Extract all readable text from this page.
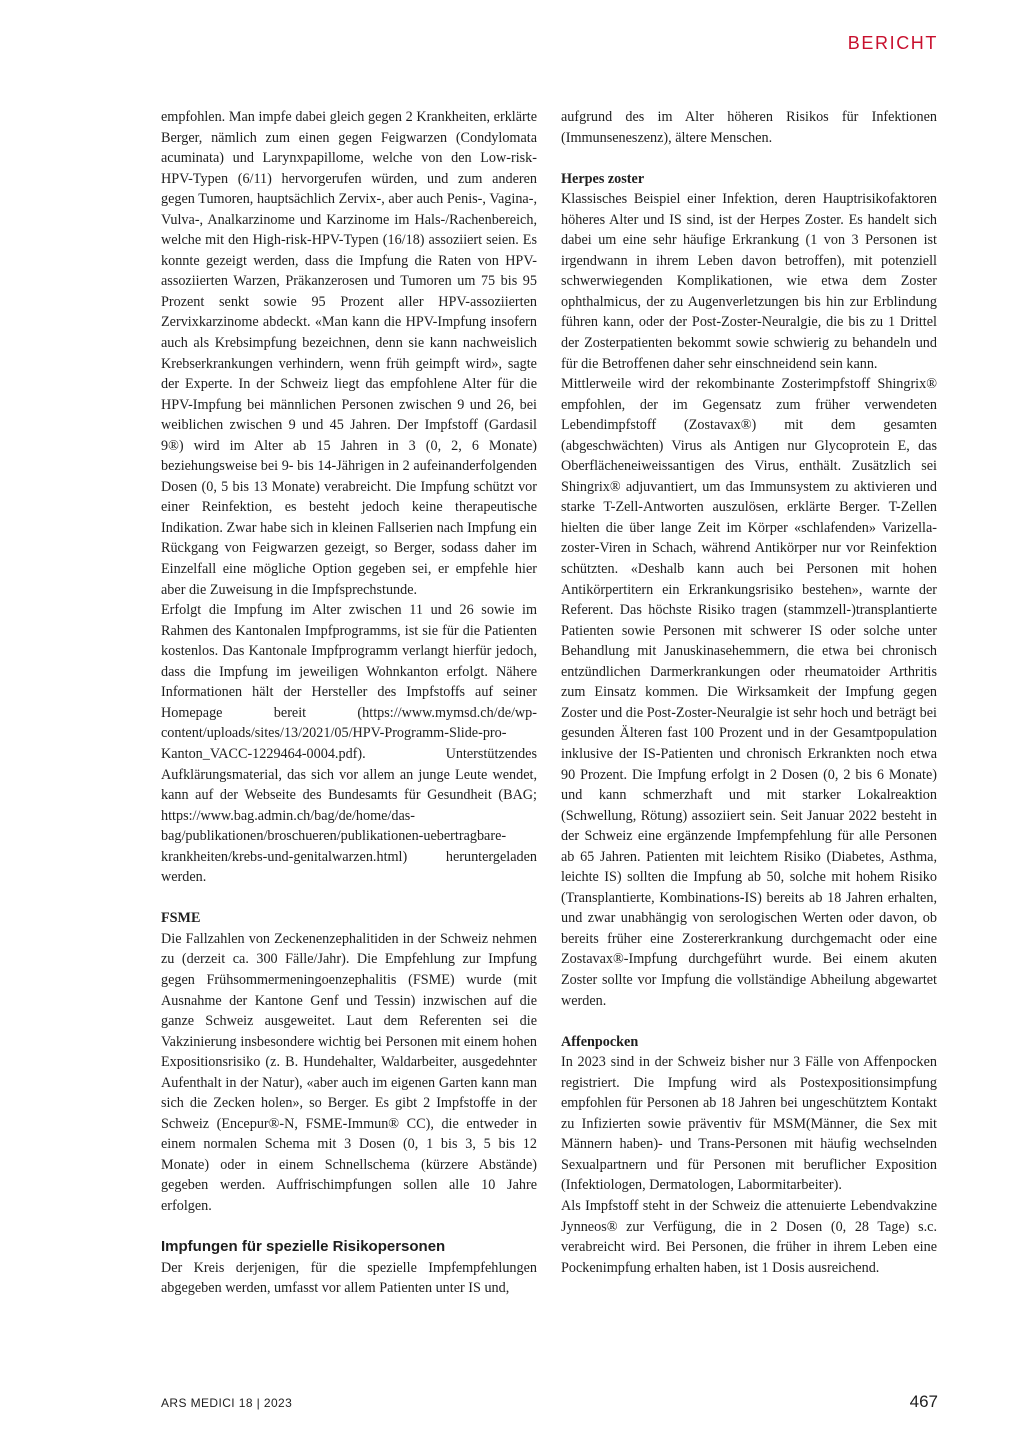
BERICHT

empfohlen. Man impfe dabei gleich gegen 2 Krankheiten, erklärte Berger, nämlich zum einen gegen Feigwarzen (Condylomata acuminata) und Larynxpapillome, welche von den Low-risk-HPV-Typen (6/11) hervorgerufen würden, und zum anderen gegen Tumoren, hauptsächlich Zervix-, aber auch Penis-, Vagina-, Vulva-, Analkarzinome und Karzinome im Hals-/Rachenbereich, welche mit den High-risk-HPV-Typen (16/18) assoziiert seien. Es konnte gezeigt werden, dass die Impfung die Raten von HPV-assoziierten Warzen, Präkanzerosen und Tumoren um 75 bis 95 Prozent senkt sowie 95 Prozent aller HPV-assoziierten Zervixkarzinome abdeckt. «Man kann die HPV-Impfung insofern auch als Krebsimpfung bezeichnen, denn sie kann nachweislich Krebserkrankungen verhindern, wenn früh geimpft wird», sagte der Experte. In der Schweiz liegt das empfohlene Alter für die HPV-Impfung bei männlichen Personen zwischen 9 und 26, bei weiblichen zwischen 9 und 45 Jahren. Der Impfstoff (Gardasil 9®) wird im Alter ab 15 Jahren in 3 (0, 2, 6 Monate) beziehungsweise bei 9- bis 14-Jährigen in 2 aufeinanderfolgenden Dosen (0, 5 bis 13 Monate) verabreicht. Die Impfung schützt vor einer Reinfektion, es besteht jedoch keine therapeutische Indikation. Zwar habe sich in kleinen Fallserien nach Impfung ein Rückgang von Feigwarzen gezeigt, so Berger, sodass daher im Einzelfall eine mögliche Option gegeben sei, er empfehle hier aber die Zuweisung in die Impfsprechstunde.

Erfolgt die Impfung im Alter zwischen 11 und 26 sowie im Rahmen des Kantonalen Impfprogramms, ist sie für die Patienten kostenlos. Das Kantonale Impfprogramm verlangt hierfür jedoch, dass die Impfung im jeweiligen Wohnkanton erfolgt. Nähere Informationen hält der Hersteller des Impfstoffs auf seiner Homepage bereit (https://www.mymsd.ch/de/wp-content/uploads/sites/13/2021/05/HPV-Programm-Slide-pro-Kanton_VACC-1229464-0004.pdf). Unterstützendes Aufklärungsmaterial, das sich vor allem an junge Leute wendet, kann auf der Webseite des Bundesamts für Gesundheit (BAG; https://www.bag.admin.ch/bag/de/home/das-bag/publikationen/broschueren/publikationen-uebertragbare-krankheiten/krebs-und-genitalwarzen.html) heruntergeladen werden.

FSME

Die Fallzahlen von Zeckenenzephalitiden in der Schweiz nehmen zu (derzeit ca. 300 Fälle/Jahr). Die Empfehlung zur Impfung gegen Frühsommermeningoenzephalitis (FSME) wurde (mit Ausnahme der Kantone Genf und Tessin) inzwischen auf die ganze Schweiz ausgeweitet. Laut dem Referenten sei die Vakzinierung insbesondere wichtig bei Personen mit einem hohen Expositionsrisiko (z. B. Hundehalter, Waldarbeiter, ausgedehnter Aufenthalt in der Natur), «aber auch im eigenen Garten kann man sich die Zecken holen», so Berger. Es gibt 2 Impfstoffe in der Schweiz (Encepur®-N, FSME-Immun® CC), die entweder in einem normalen Schema mit 3 Dosen (0, 1 bis 3, 5 bis 12 Monate) oder in einem Schnellschema (kürzere Abstände) gegeben werden. Auffrischimpfungen sollen alle 10 Jahre erfolgen.

Impfungen für spezielle Risikopersonen

Der Kreis derjenigen, für die spezielle Impfempfehlungen abgegeben werden, umfasst vor allem Patienten unter IS und,

aufgrund des im Alter höheren Risikos für Infektionen (Immunseneszenz), ältere Menschen.

Herpes zoster

Klassisches Beispiel einer Infektion, deren Hauptrisikofaktoren höheres Alter und IS sind, ist der Herpes Zoster. Es handelt sich dabei um eine sehr häufige Erkrankung (1 von 3 Personen ist irgendwann in ihrem Leben davon betroffen), mit potenziell schwerwiegenden Komplikationen, wie etwa dem Zoster ophthalmicus, der zu Augenverletzungen bis hin zur Erblindung führen kann, oder der Post-Zoster-Neuralgie, die bis zu 1 Drittel der Zosterpatienten bekommt sowie schwierig zu behandeln und für die Betroffenen daher sehr einschneidend sein kann.

Mittlerweile wird der rekombinante Zosterimpfstoff Shingrix® empfohlen, der im Gegensatz zum früher verwendeten Lebendimpfstoff (Zostavax®) mit dem gesamten (abgeschwächten) Virus als Antigen nur Glycoprotein E, das Oberflächeneiweissantigen des Virus, enthält. Zusätzlich sei Shingrix® adjuvantiert, um das Immunsystem zu aktivieren und starke T-Zell-Antworten auszulösen, erklärte Berger. T-Zellen hielten die über lange Zeit im Körper «schlafenden» Varizella-zoster-Viren in Schach, während Antikörper nur vor Reinfektion schützten. «Deshalb kann auch bei Personen mit hohen Antikörpertitern ein Erkrankungsrisiko bestehen», warnte der Referent. Das höchste Risiko tragen (stammzell-)transplantierte Patienten sowie Personen mit schwerer IS oder solche unter Behandlung mit Januskinasehemmern, die etwa bei chronisch entzündlichen Darmerkrankungen oder rheumatoider Arthritis zum Einsatz kommen. Die Wirksamkeit der Impfung gegen Zoster und die Post-Zoster-Neuralgie ist sehr hoch und beträgt bei gesunden Älteren fast 100 Prozent und in der Gesamtpopulation inklusive der IS-Patienten und chronisch Erkrankten noch etwa 90 Prozent. Die Impfung erfolgt in 2 Dosen (0, 2 bis 6 Monate) und kann schmerzhaft und mit starker Lokalreaktion (Schwellung, Rötung) assoziiert sein. Seit Januar 2022 besteht in der Schweiz eine ergänzende Impfempfehlung für alle Personen ab 65 Jahren. Patienten mit leichtem Risiko (Diabetes, Asthma, leichte IS) sollten die Impfung ab 50, solche mit hohem Risiko (Transplantierte, Kombinations-IS) bereits ab 18 Jahren erhalten, und zwar unabhängig von serologischen Werten oder davon, ob bereits früher eine Zostererkrankung durchgemacht oder eine Zostavax®-Impfung durchgeführt wurde. Bei einem akuten Zoster sollte vor Impfung die vollständige Abheilung abgewartet werden.

Affenpocken

In 2023 sind in der Schweiz bisher nur 3 Fälle von Affenpocken registriert. Die Impfung wird als Postexpositionsimpfung empfohlen für Personen ab 18 Jahren bei ungeschütztem Kontakt zu Infizierten sowie präventiv für MSM(Männer, die Sex mit Männern haben)- und Trans-Personen mit häufig wechselnden Sexualpartnern und für Personen mit beruflicher Exposition (Infektiologen, Dermatologen, Labormitarbeiter).

Als Impfstoff steht in der Schweiz die attenuierte Lebendvakzine Jynneos® zur Verfügung, die in 2 Dosen (0, 28 Tage) s.c. verabreicht wird. Bei Personen, die früher in ihrem Leben eine Pockenimpfung erhalten haben, ist 1 Dosis ausreichend.

ARS MEDICI 18 | 2023	467
